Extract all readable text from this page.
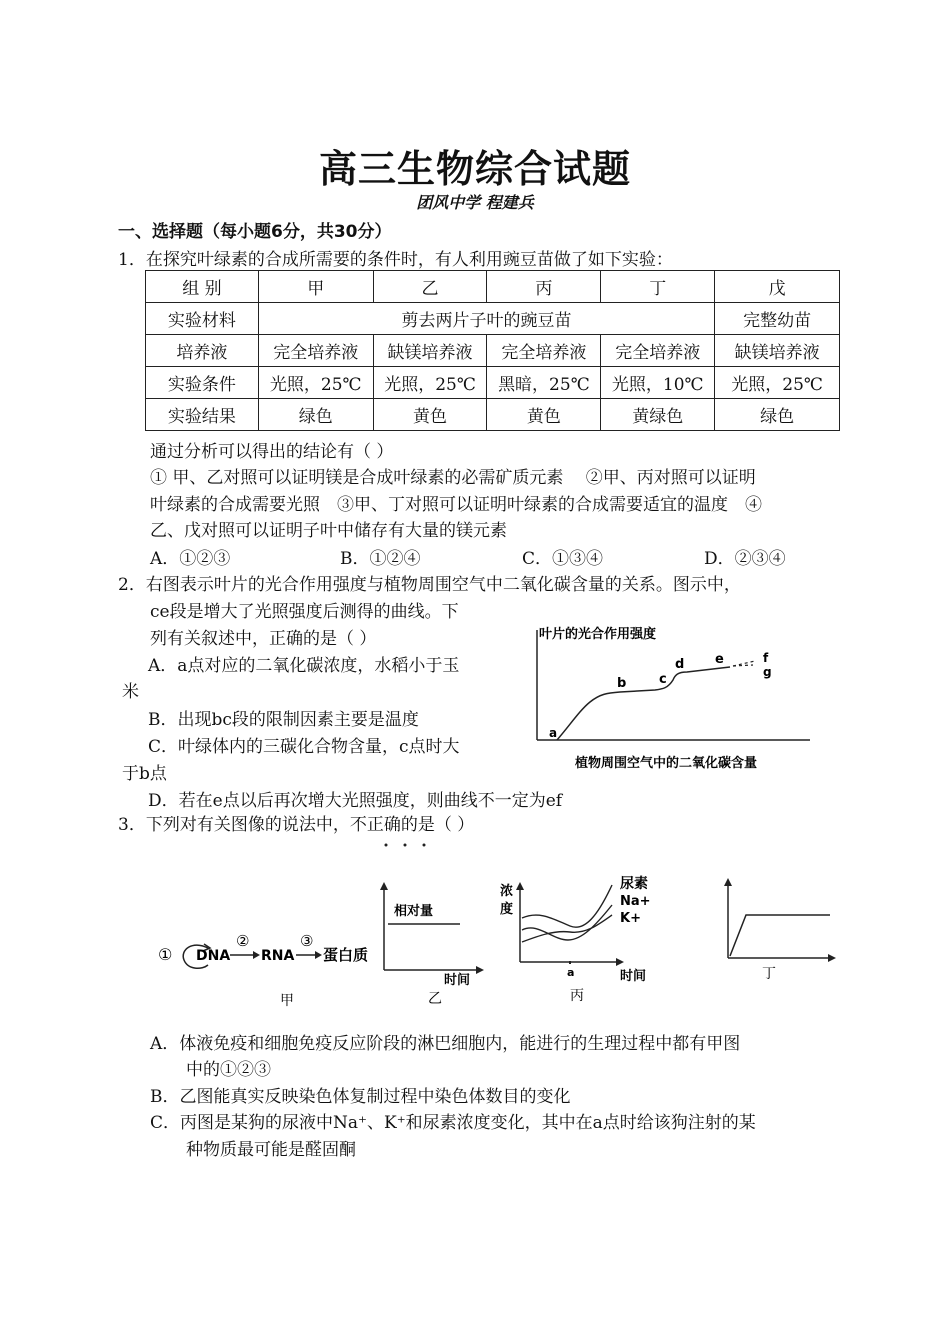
高三生物综合试题
团风中学 程建兵
一、选择题（每小题6分，共30分）
1．在探究叶绿素的合成所需要的条件时，有人利用豌豆苗做了如下实验：
组 别	甲	乙	丙	丁	戊
实验材料	剪去两片子叶的豌豆苗				完整幼苗
培养液	完全培养液	缺镁培养液	完全培养液	完全培养液	缺镁培养液
实验条件	光照，25℃	光照，25℃	黑暗，25℃	光照，10℃	光照，25℃
实验结果	绿色	黄色	黄色	黄绿色	绿色
通过分析可以得出的结论有（ ）
① 甲、乙对照可以证明镁是合成叶绿素的必需矿质元素　 ②甲、丙对照可以证明
叶绿素的合成需要光照　③甲、丁对照可以证明叶绿素的合成需要适宜的温度　④
乙、戊对照可以证明子叶中储存有大量的镁元素
A．①②③	B．①②④	C．①③④	D．②③④
2．右图表示叶片的光合作用强度与植物周围空气中二氧化碳含量的关系。图示中，
ce段是增大了光照强度后测得的曲线。下
列有关叙述中，正确的是（ ）
A．a点对应的二氧化碳浓度，水稻小于玉
米
B．出现bc段的限制因素主要是温度
C．叶绿体内的三碳化合物含量，c点时大
于b点
D．若在e点以后再次增大光照强度，则曲线不一定为ef
叶片的光合作用强度
植物周围空气中的二氧化碳含量
a
b	c
d e	f
g
3．下列对有关图像的说法中，不正确的是（ ）
① DNA
②
RNA
③
蛋白质
甲
相对量
时间
乙
浓
度
a
尿素
Na+
K+
时间
丙
丁
A．体液免疫和细胞免疫反应阶段的淋巴细胞内，能进行的生理过程中都有甲图
中的①②③
B．乙图能真实反映染色体复制过程中染色体数目的变化
C．丙图是某狗的尿液中Na⁺、K⁺和尿素浓度变化，其中在a点时给该狗注射的某
种物质最可能是醛固酮
